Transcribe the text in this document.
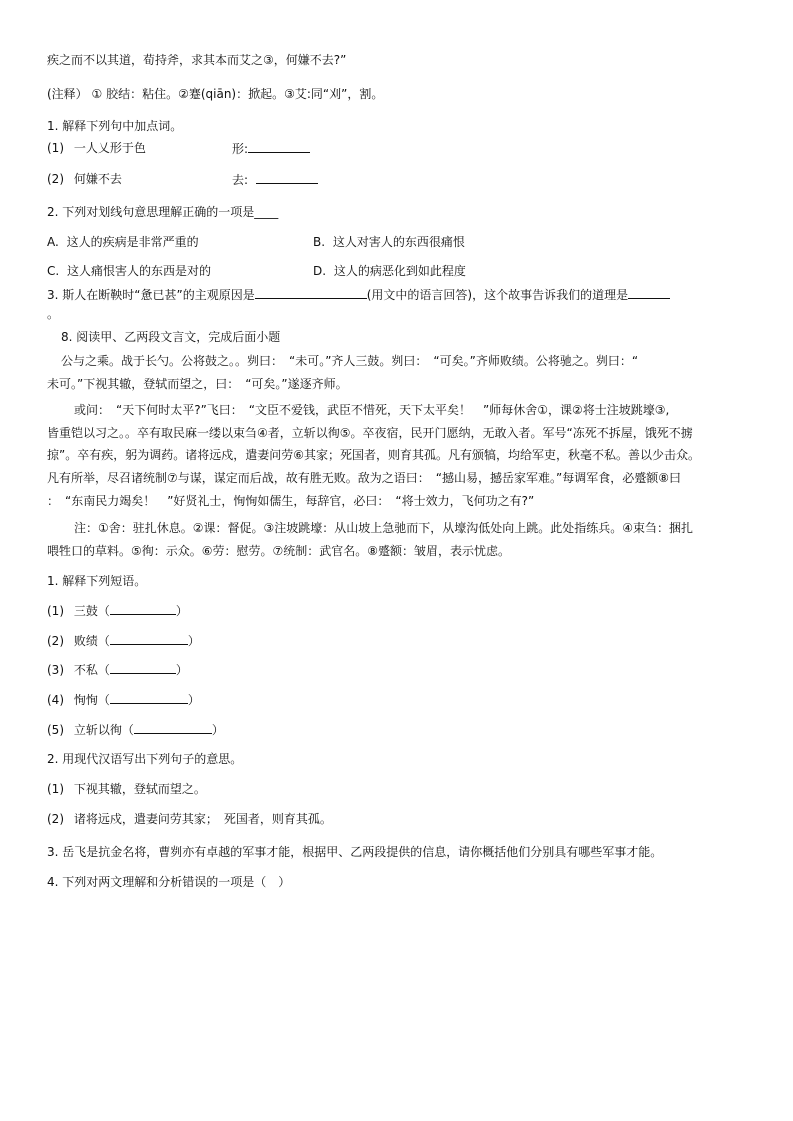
疾之而不以其道，荀持斧，求其本而艾之③，何嫌不去?”
(注释） ① 胶结：粘住。②蹇(qiān)：掀起。③艾:同“刈”，割。
1. 解释下列句中加点词。
(1) 一人乂形于色	形:
(2) 何嫌不去	去:
2. 下列对划线句意思理解正确的一项是____
A. 这人的疾病是非常严重的	B. 这人对害人的东西很痛恨
C. 这人痛恨害人的东西是对的	D. 这人的病恶化到如此程度
3. 斯人在断鞅时“惫已甚”的主观原因是	(用文中的语言回答)，这个故事告诉我们的道理是
。
8. 阅读甲、乙两段文言文，完成后面小题
公与之乘。战于长勺。公将鼓之。。刿曰：　“未可。”齐人三鼓。刿曰：　“可矣。”齐师败绩。公将驰之。刿曰：“
未可。”下视其辙，登轼而望之，曰：　“可矣。”遂逐齐师。
或问：　“天下何时太平?”飞曰：　“文臣不爱钱，武臣不惜死，天下太平矣！　”师每休舍①，课②将士注坡跳壕③,
皆重铠以习之。。卒有取民麻一缕以束刍④者，立斩以徇⑤。卒夜宿，民开门愿纳，无敢入者。军号“冻死不拆屋，饿死不掳
掠”。卒有疾，躬为调药。诸将远戍，遣妻问劳⑥其家；死国者，则育其孤。凡有颁犒，均给军吏，秋毫不私。善以少击众。
凡有所举，尽召诸统制⑦与谋，谋定而后战，故有胜无败。敌为之语曰：　“撼山易，撼岳家军难。”每调军食，必蹙额⑧曰
：　“东南民力竭矣！　”好贤礼士，恂恂如儒生，每辞官，必曰：　“将士效力，飞何功之有?”
注：①舍：驻扎休息。②课：督促。③注坡跳壕：从山坡上急驰而下，从壕沟低处向上跳。此处指练兵。④束刍：捆扎
喂牲口的草料。⑤徇：示众。⑥劳：慰劳。⑦统制：武官名。⑧蹙额：皱眉，表示忧虑。
1. 解释下列短语。
(1) 三鼓（	）
(2) 败绩（	）
(3) 不私（	）
(4) 恂恂（	）
(5) 立斩以徇（	）
2. 用现代汉语写出下列句子的意思。
(1) 下视其辙，登轼而望之。
(2) 诸将远戍，遣妻问劳其家；　死国者，则育其孤。
3. 岳飞是抗金名将，曹刿亦有卓越的军事才能，根据甲、乙两段提供的信息，请你概括他们分别具有哪些军事才能。
4. 下列对两文理解和分析错误的一项是（　）
